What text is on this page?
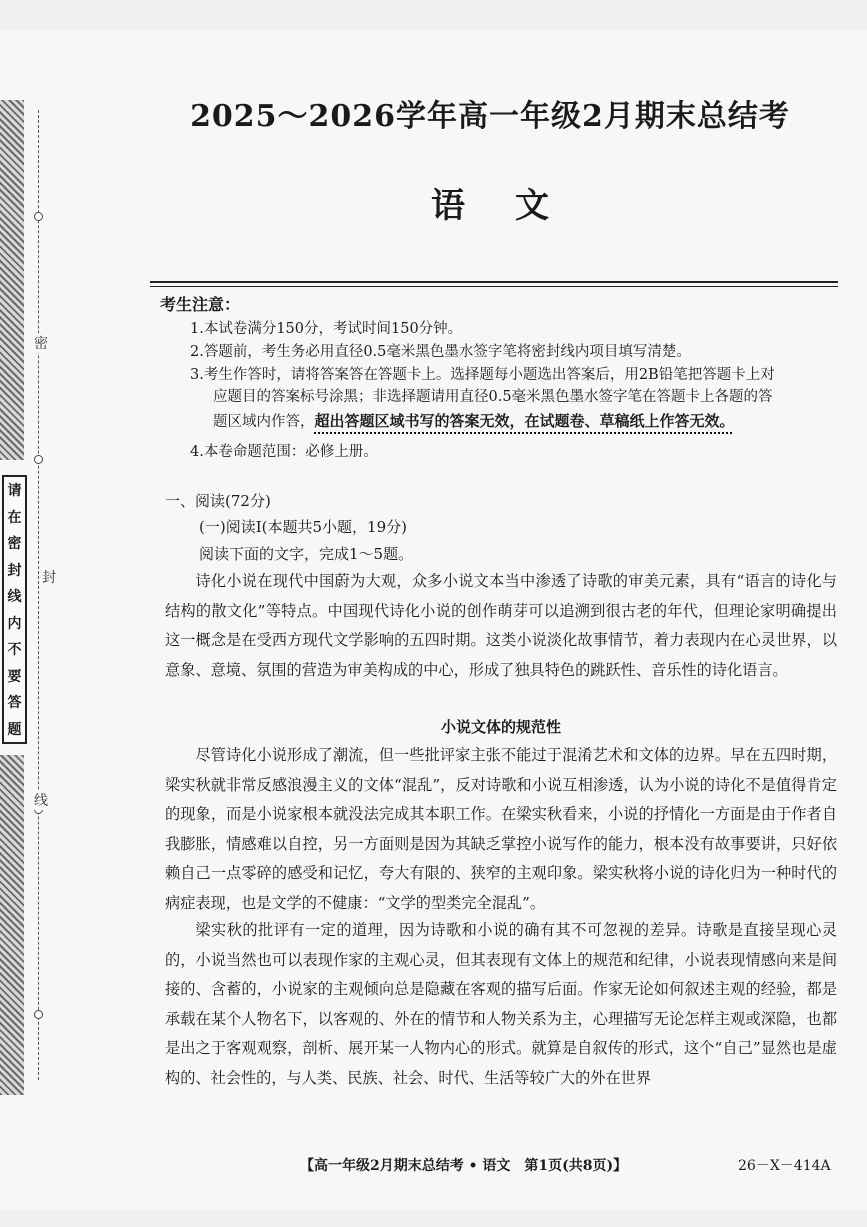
请
在
密
封
线
内
不
要
答
题
密
封
线
2025～2026学年高一年级2月期末总结考
语文
考生注意：
1.本试卷满分150分，考试时间150分钟。
2.答题前，考生务必用直径0.5毫米黑色墨水签字笔将密封线内项目填写清楚。
3.考生作答时，请将答案答在答题卡上。选择题每小题选出答案后，用2B铅笔把答题卡上对
应题目的答案标号涂黑；非选择题请用直径0.5毫米黑色墨水签字笔在答题卡上各题的答
题区域内作答，超出答题区域书写的答案无效，在试题卷、草稿纸上作答无效。
4.本卷命题范围：必修上册。
一、阅读(72分)
(一)阅读Ⅰ(本题共5小题，19分)
阅读下面的文字，完成1～5题。
诗化小说在现代中国蔚为大观，众多小说文本当中渗透了诗歌的审美元素，具有“语言的诗化与结构的散文化”等特点。中国现代诗化小说的创作萌芽可以追溯到很古老的年代，但理论家明确提出这一概念是在受西方现代文学影响的五四时期。这类小说淡化故事情节，着力表现内在心灵世界，以意象、意境、氛围的营造为审美构成的中心，形成了独具特色的跳跃性、音乐性的诗化语言。
小说文体的规范性
尽管诗化小说形成了潮流，但一些批评家主张不能过于混淆艺术和文体的边界。早在五四时期，梁实秋就非常反感浪漫主义的文体“混乱”，反对诗歌和小说互相渗透，认为小说的诗化不是值得肯定的现象，而是小说家根本就没法完成其本职工作。在梁实秋看来，小说的抒情化一方面是由于作者自我膨胀，情感难以自控，另一方面则是因为其缺乏掌控小说写作的能力，根本没有故事要讲，只好依赖自己一点零碎的感受和记忆，夸大有限的、狭窄的主观印象。梁实秋将小说的诗化归为一种时代的病症表现，也是文学的不健康：“文学的型类完全混乱”。
梁实秋的批评有一定的道理，因为诗歌和小说的确有其不可忽视的差异。诗歌是直接呈现心灵的，小说当然也可以表现作家的主观心灵，但其表现有文体上的规范和纪律，小说表现情感向来是间接的、含蓄的，小说家的主观倾向总是隐藏在客观的描写后面。作家无论如何叙述主观的经验，都是承载在某个人物名下，以客观的、外在的情节和人物关系为主，心理描写无论怎样主观或深隐，也都是出之于客观观察，剖析、展开某一人物内心的形式。就算是自叙传的形式，这个“自己”显然也是虚构的、社会性的，与人类、民族、社会、时代、生活等较广大的外在世界
【高一年级2月期末总结考 • 语文　第1页(共8页)】	26－X－414A
